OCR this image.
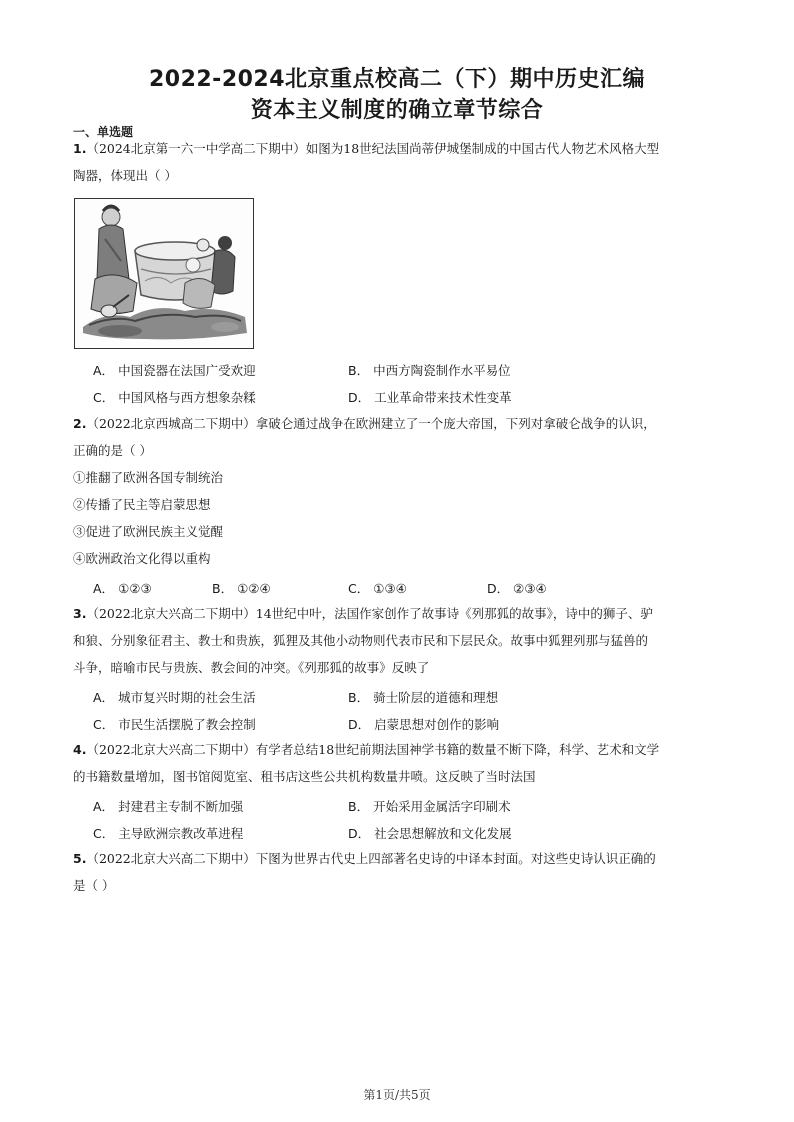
2022-2024北京重点校高二（下）期中历史汇编
资本主义制度的确立章节综合
一、单选题
1.（2024北京第一六一中学高二下期中）如图为18世纪法国尚蒂伊城堡制成的中国古代人物艺术风格大型
陶器，体现出（ ）
A． 中国瓷器在法国广受欢迎	B． 中西方陶瓷制作水平易位
C． 中国风格与西方想象杂糅	D． 工业革命带来技术性变革
2.（2022北京西城高二下期中）拿破仑通过战争在欧洲建立了一个庞大帝国，下列对拿破仑战争的认识，
正确的是（ ）
①推翻了欧洲各国专制统治
②传播了民主等启蒙思想
③促进了欧洲民族主义觉醒
④欧洲政治文化得以重构
A． ①②③	B． ①②④	C． ①③④	D． ②③④
3.（2022北京大兴高二下期中）14世纪中叶，法国作家创作了故事诗《列那狐的故事》，诗中的狮子、驴
和狼、分别象征君主、教士和贵族，狐狸及其他小动物则代表市民和下层民众。故事中狐狸列那与猛兽的
斗争，暗喻市民与贵族、教会间的冲突。《列那狐的故事》反映了
A． 城市复兴时期的社会生活	B． 骑士阶层的道德和理想
C． 市民生活摆脱了教会控制	D． 启蒙思想对创作的影响
4.（2022北京大兴高二下期中）有学者总结18世纪前期法国神学书籍的数量不断下降，科学、艺术和文学
的书籍数量增加，图书馆阅览室、租书店这些公共机构数量井喷。这反映了当时法国
A． 封建君主专制不断加强	B． 开始采用金属活字印刷术
C． 主导欧洲宗教改革进程	D． 社会思想解放和文化发展
5.（2022北京大兴高二下期中）下图为世界古代史上四部著名史诗的中译本封面。对这些史诗认识正确的
是（ ）
第1页/共5页
